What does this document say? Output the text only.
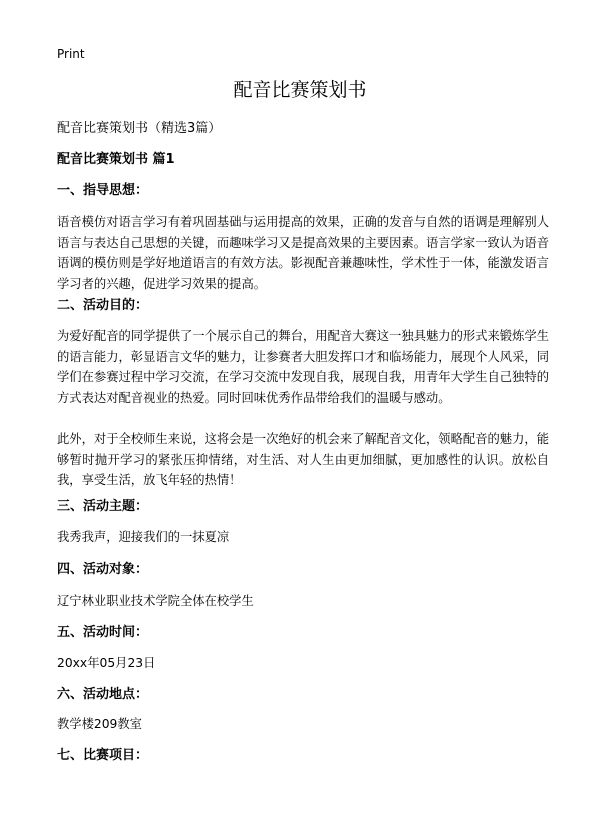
Print
配音比赛策划书
配音比赛策划书（精选3篇）
配音比赛策划书 篇1
一、指导思想：

语音模仿对语言学习有着巩固基础与运用提高的效果，正确的发音与自然的语调是理解别人语言与表达自己思想的关键，而趣味学习又是提高效果的主要因素。语言学家一致认为语音语调的模仿则是学好地道语言的有效方法。影视配音兼趣味性，学术性于一体，能激发语言学习者的兴趣，促进学习效果的提高。

二、活动目的：

为爱好配音的同学提供了一个展示自己的舞台，用配音大赛这一独具魅力的形式来锻炼学生的语言能力，彰显语言文华的魅力，让参赛者大胆发挥口才和临场能力，展现个人风采，同学们在参赛过程中学习交流，在学习交流中发现自我，展现自我，用青年大学生自己独特的方式表达对配音视业的热爱。同时回味优秀作品带给我们的温暖与感动。

此外，对于全校师生来说，这将会是一次绝好的机会来了解配音文化，领略配音的魅力，能够暂时抛开学习的紧张压抑情绪，对生活、对人生由更加细腻，更加感性的认识。放松自我，享受生活，放飞年轻的热情！

三、活动主题：

我秀我声，迎接我们的一抹夏凉

四、活动对象：

辽宁林业职业技术学院全体在校学生

五、活动时间：

20xx年05月23日

六、活动地点：

教学楼209教室

七、比赛项目：
